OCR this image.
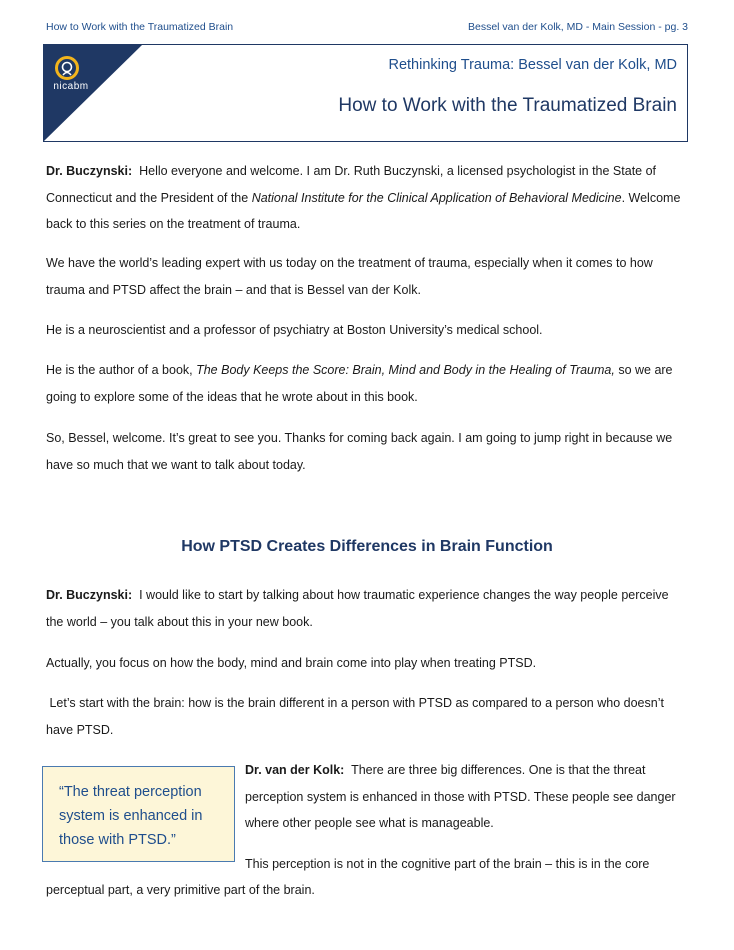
How to Work with the Traumatized Brain	Bessel van der Kolk, MD - Main Session - pg. 3
nicabm
Rethinking Trauma: Bessel van der Kolk, MD
How to Work with the Traumatized Brain

Dr. Buczynski: Hello everyone and welcome. I am Dr. Ruth Buczynski, a licensed psychologist in the State of Connecticut and the President of the National Institute for the Clinical Application of Behavioral Medicine. Welcome back to this series on the treatment of trauma.

We have the world’s leading expert with us today on the treatment of trauma, especially when it comes to how trauma and PTSD affect the brain – and that is Bessel van der Kolk.

He is a neuroscientist and a professor of psychiatry at Boston University’s medical school.

He is the author of a book, The Body Keeps the Score: Brain, Mind and Body in the Healing of Trauma, so we are going to explore some of the ideas that he wrote about in this book.

So, Bessel, welcome. It’s great to see you. Thanks for coming back again. I am going to jump right in because we have so much that we want to talk about today.

How PTSD Creates Differences in Brain Function

Dr. Buczynski: I would like to start by talking about how traumatic experience changes the way people perceive the world – you talk about this in your new book.

Actually, you focus on how the body, mind and brain come into play when treating PTSD.

Let’s start with the brain: how is the brain different in a person with PTSD as compared to a person who doesn’t have PTSD.

“The threat perception system is enhanced in those with PTSD.”

Dr. van der Kolk: There are three big differences. One is that the threat perception system is enhanced in those with PTSD. These people see danger where other people see what is manageable.

This perception is not in the cognitive part of the brain – this is in the core

perceptual part, a very primitive part of the brain.
